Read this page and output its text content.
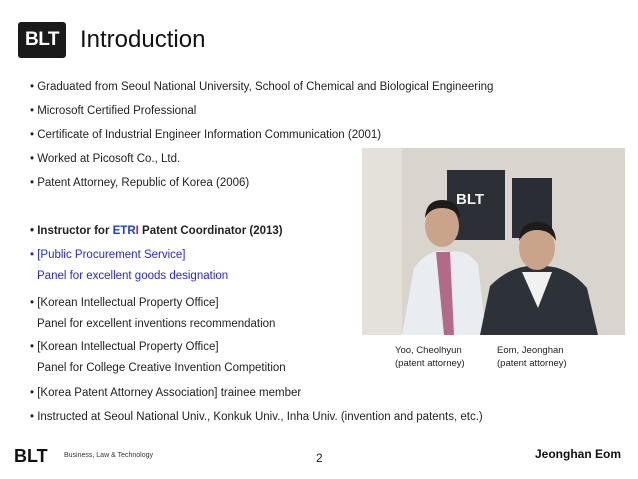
BLT Introduction
• Graduated from Seoul National University, School of Chemical and Biological Engineering
• Microsoft Certified Professional
• Certificate of Industrial Engineer Information Communication (2001)
• Worked at Picosoft Co., Ltd.
• Patent Attorney, Republic of Korea (2006)
• Instructor for ETRI Patent Coordinator (2013)
• [Public Procurement Service]
Panel for excellent goods designation
• [Korean Intellectual Property Office]
Panel for excellent inventions recommendation
• [Korean Intellectual Property Office]
Panel for College Creative Invention Competition
• [Korea Patent Attorney Association] trainee member
• Instructed at Seoul National Univ., Konkuk Univ., Inha Univ. (invention and patents, etc.)
BLT
Yoo, Cheolhyun
(patent attorney)
Eom, Jeonghan
(patent attorney)
BLT Business, Law & Technology	2	Jeonghan Eom
